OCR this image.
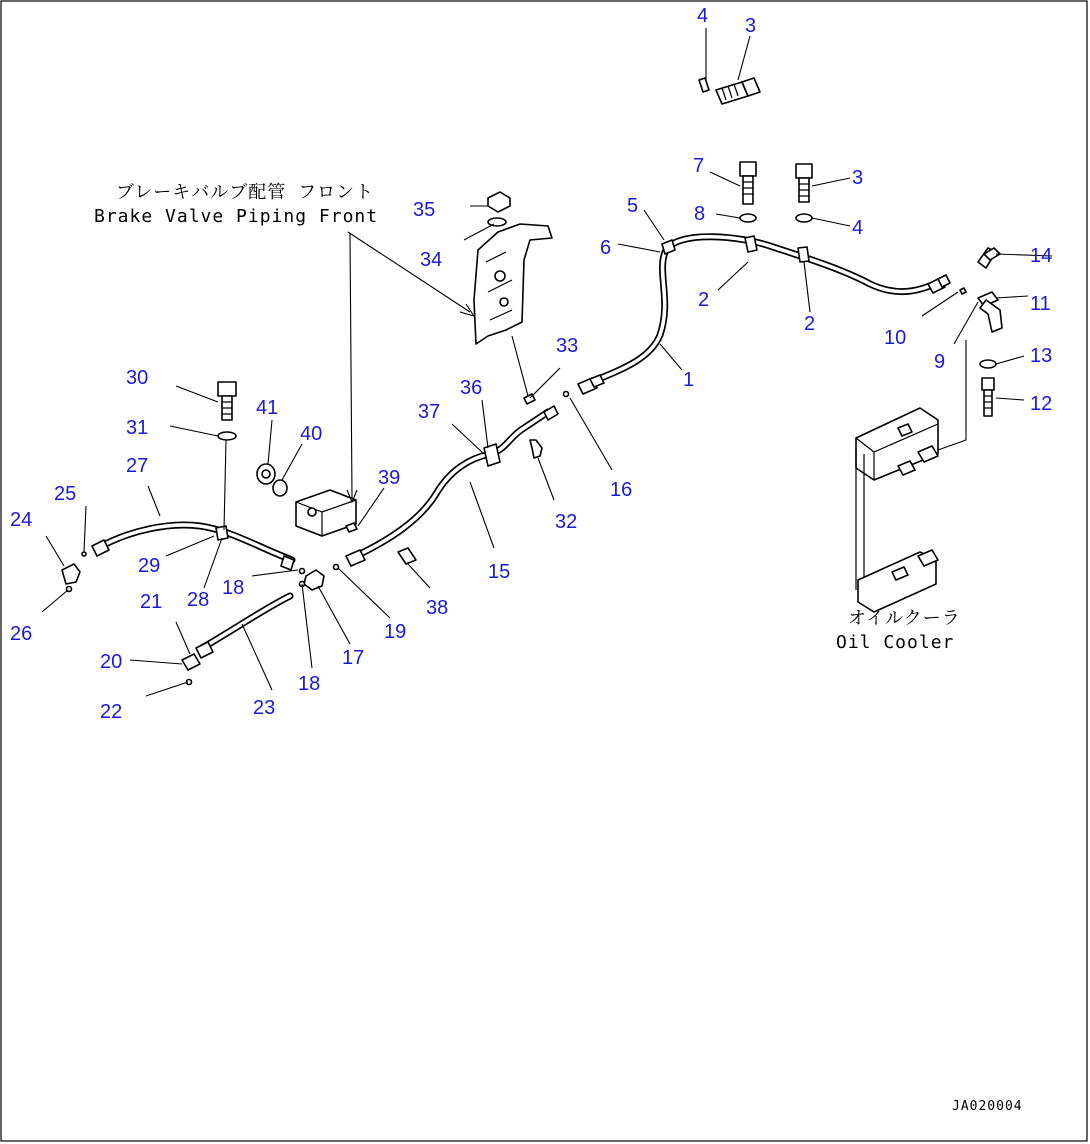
ブレーキバルブ配管 フロント
Brake Valve Piping Front
オイルクーラ
Oil Cooler
JA020004
4 3
7
3
8
4
5
6
2
2
1
14
11
10
9	13
12
35
34
33
36
37
16
32
39
15
38
19
17
18
18
41
40
30
31
27
25
24
29
28
26
21
20
22	23
